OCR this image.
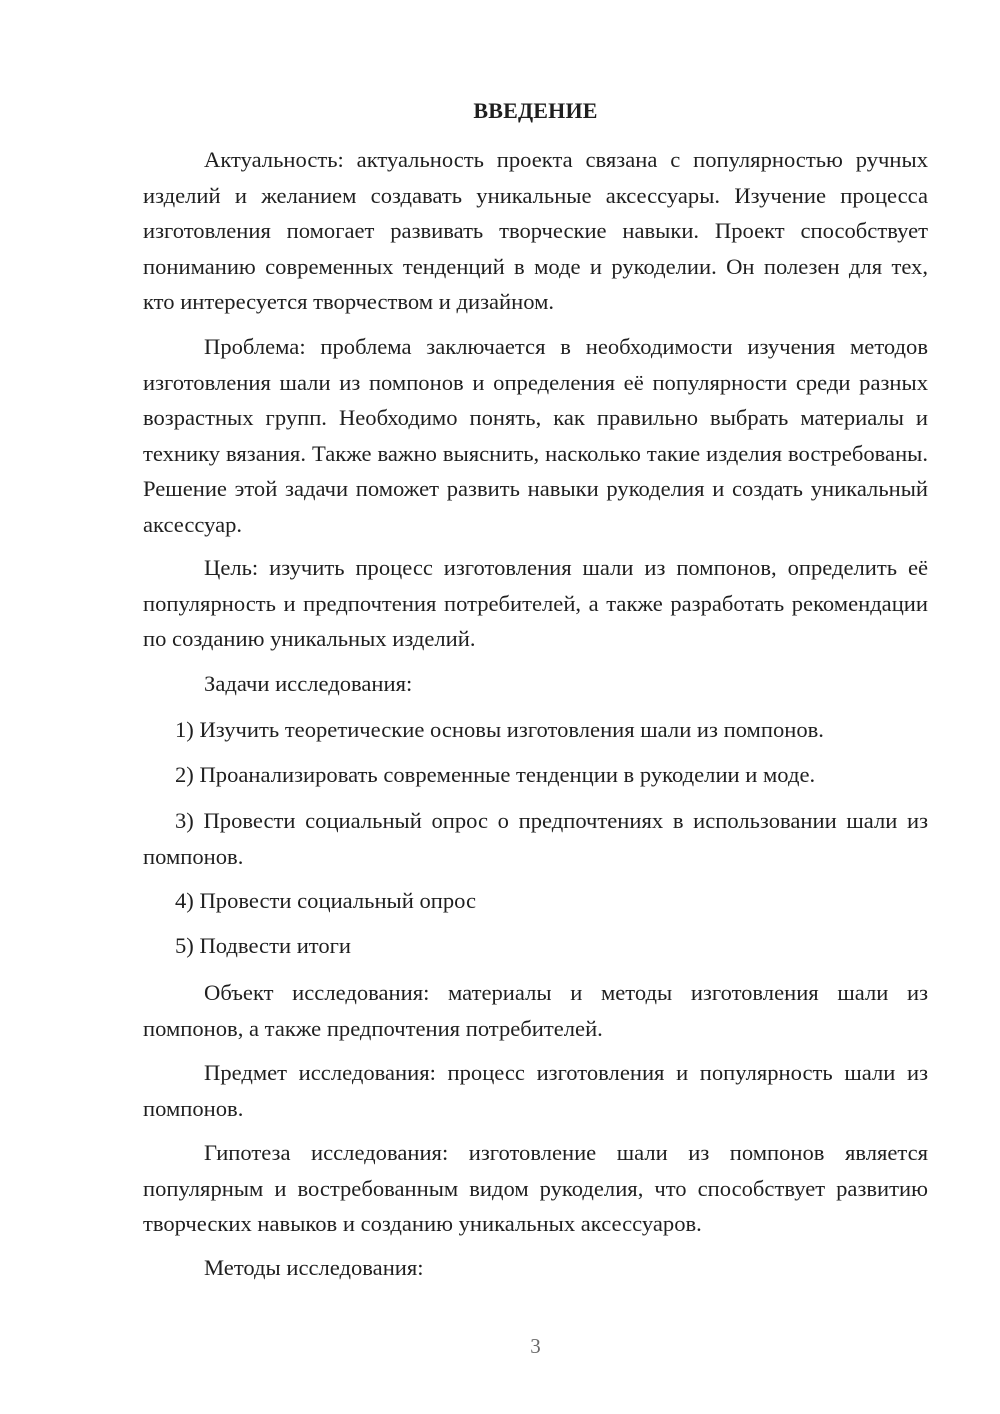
ВВЕДЕНИЕ

Актуальность: актуальность проекта связана с популярностью ручных изделий и желанием создавать уникальные аксессуары. Изучение процесса изготовления помогает развивать творческие навыки. Проект способствует пониманию современных тенденций в моде и рукоделии. Он полезен для тех, кто интересуется творчеством и дизайном.

Проблема: проблема заключается в необходимости изучения методов изготовления шали из помпонов и определения её популярности среди разных возрастных групп. Необходимо понять, как правильно выбрать материалы и технику вязания. Также важно выяснить, насколько такие изделия востребованы. Решение этой задачи поможет развить навыки рукоделия и создать уникальный аксессуар.

Цель: изучить процесс изготовления шали из помпонов, определить её популярность и предпочтения потребителей, а также разработать рекомендации по созданию уникальных изделий.

Задачи исследования:

1) Изучить теоретические основы изготовления шали из помпонов.

2) Проанализировать современные тенденции в рукоделии и моде.

3) Провести социальный опрос о предпочтениях в использовании шали из помпонов.

4) Провести социальный опрос

5) Подвести итоги

Объект исследования: материалы и методы изготовления шали из помпонов, а также предпочтения потребителей.

Предмет исследования: процесс изготовления и популярность шали из помпонов.

Гипотеза исследования: изготовление шали из помпонов является популярным и востребованным видом рукоделия, что способствует развитию творческих навыков и созданию уникальных аксессуаров.

Методы исследования:

3
